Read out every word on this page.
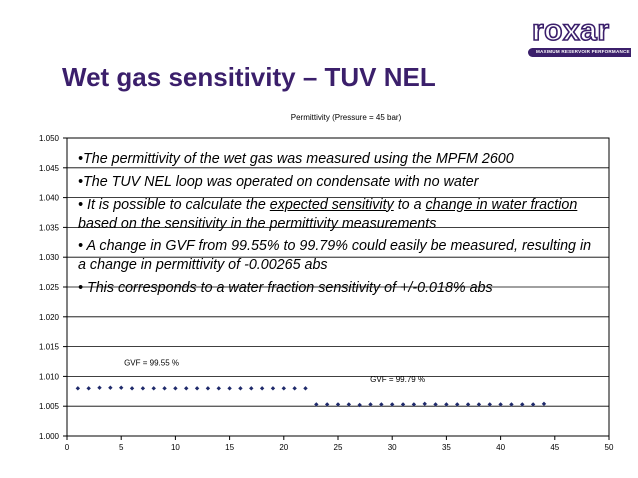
roxar
MAXIMUM RESERVOIR PERFORMANCE
Wet gas sensitivity – TUV NEL
1.000
1.005
1.010
1.015
1.020
1.025
1.030
1.035
1.040
1.045
1.050
0	5	10	15	20	25	30	35	40	45	50
Permittivity (Pressure = 45 bar)
GVF = 99.55 %
GVF = 99.79 %
•The permittivity of the wet gas was measured using the MPFM 2600
•The TUV NEL loop was operated on condensate with no water
• It is possible to calculate the expected sensitivity to a change in water fraction based on the sensitivity in the permittivity measurements
• A change in GVF from 99.55% to 99.79% could easily be measured, resulting in a change in permittivity of -0.00265 abs
• This corresponds to a water fraction sensitivity of +/-0.018% abs
